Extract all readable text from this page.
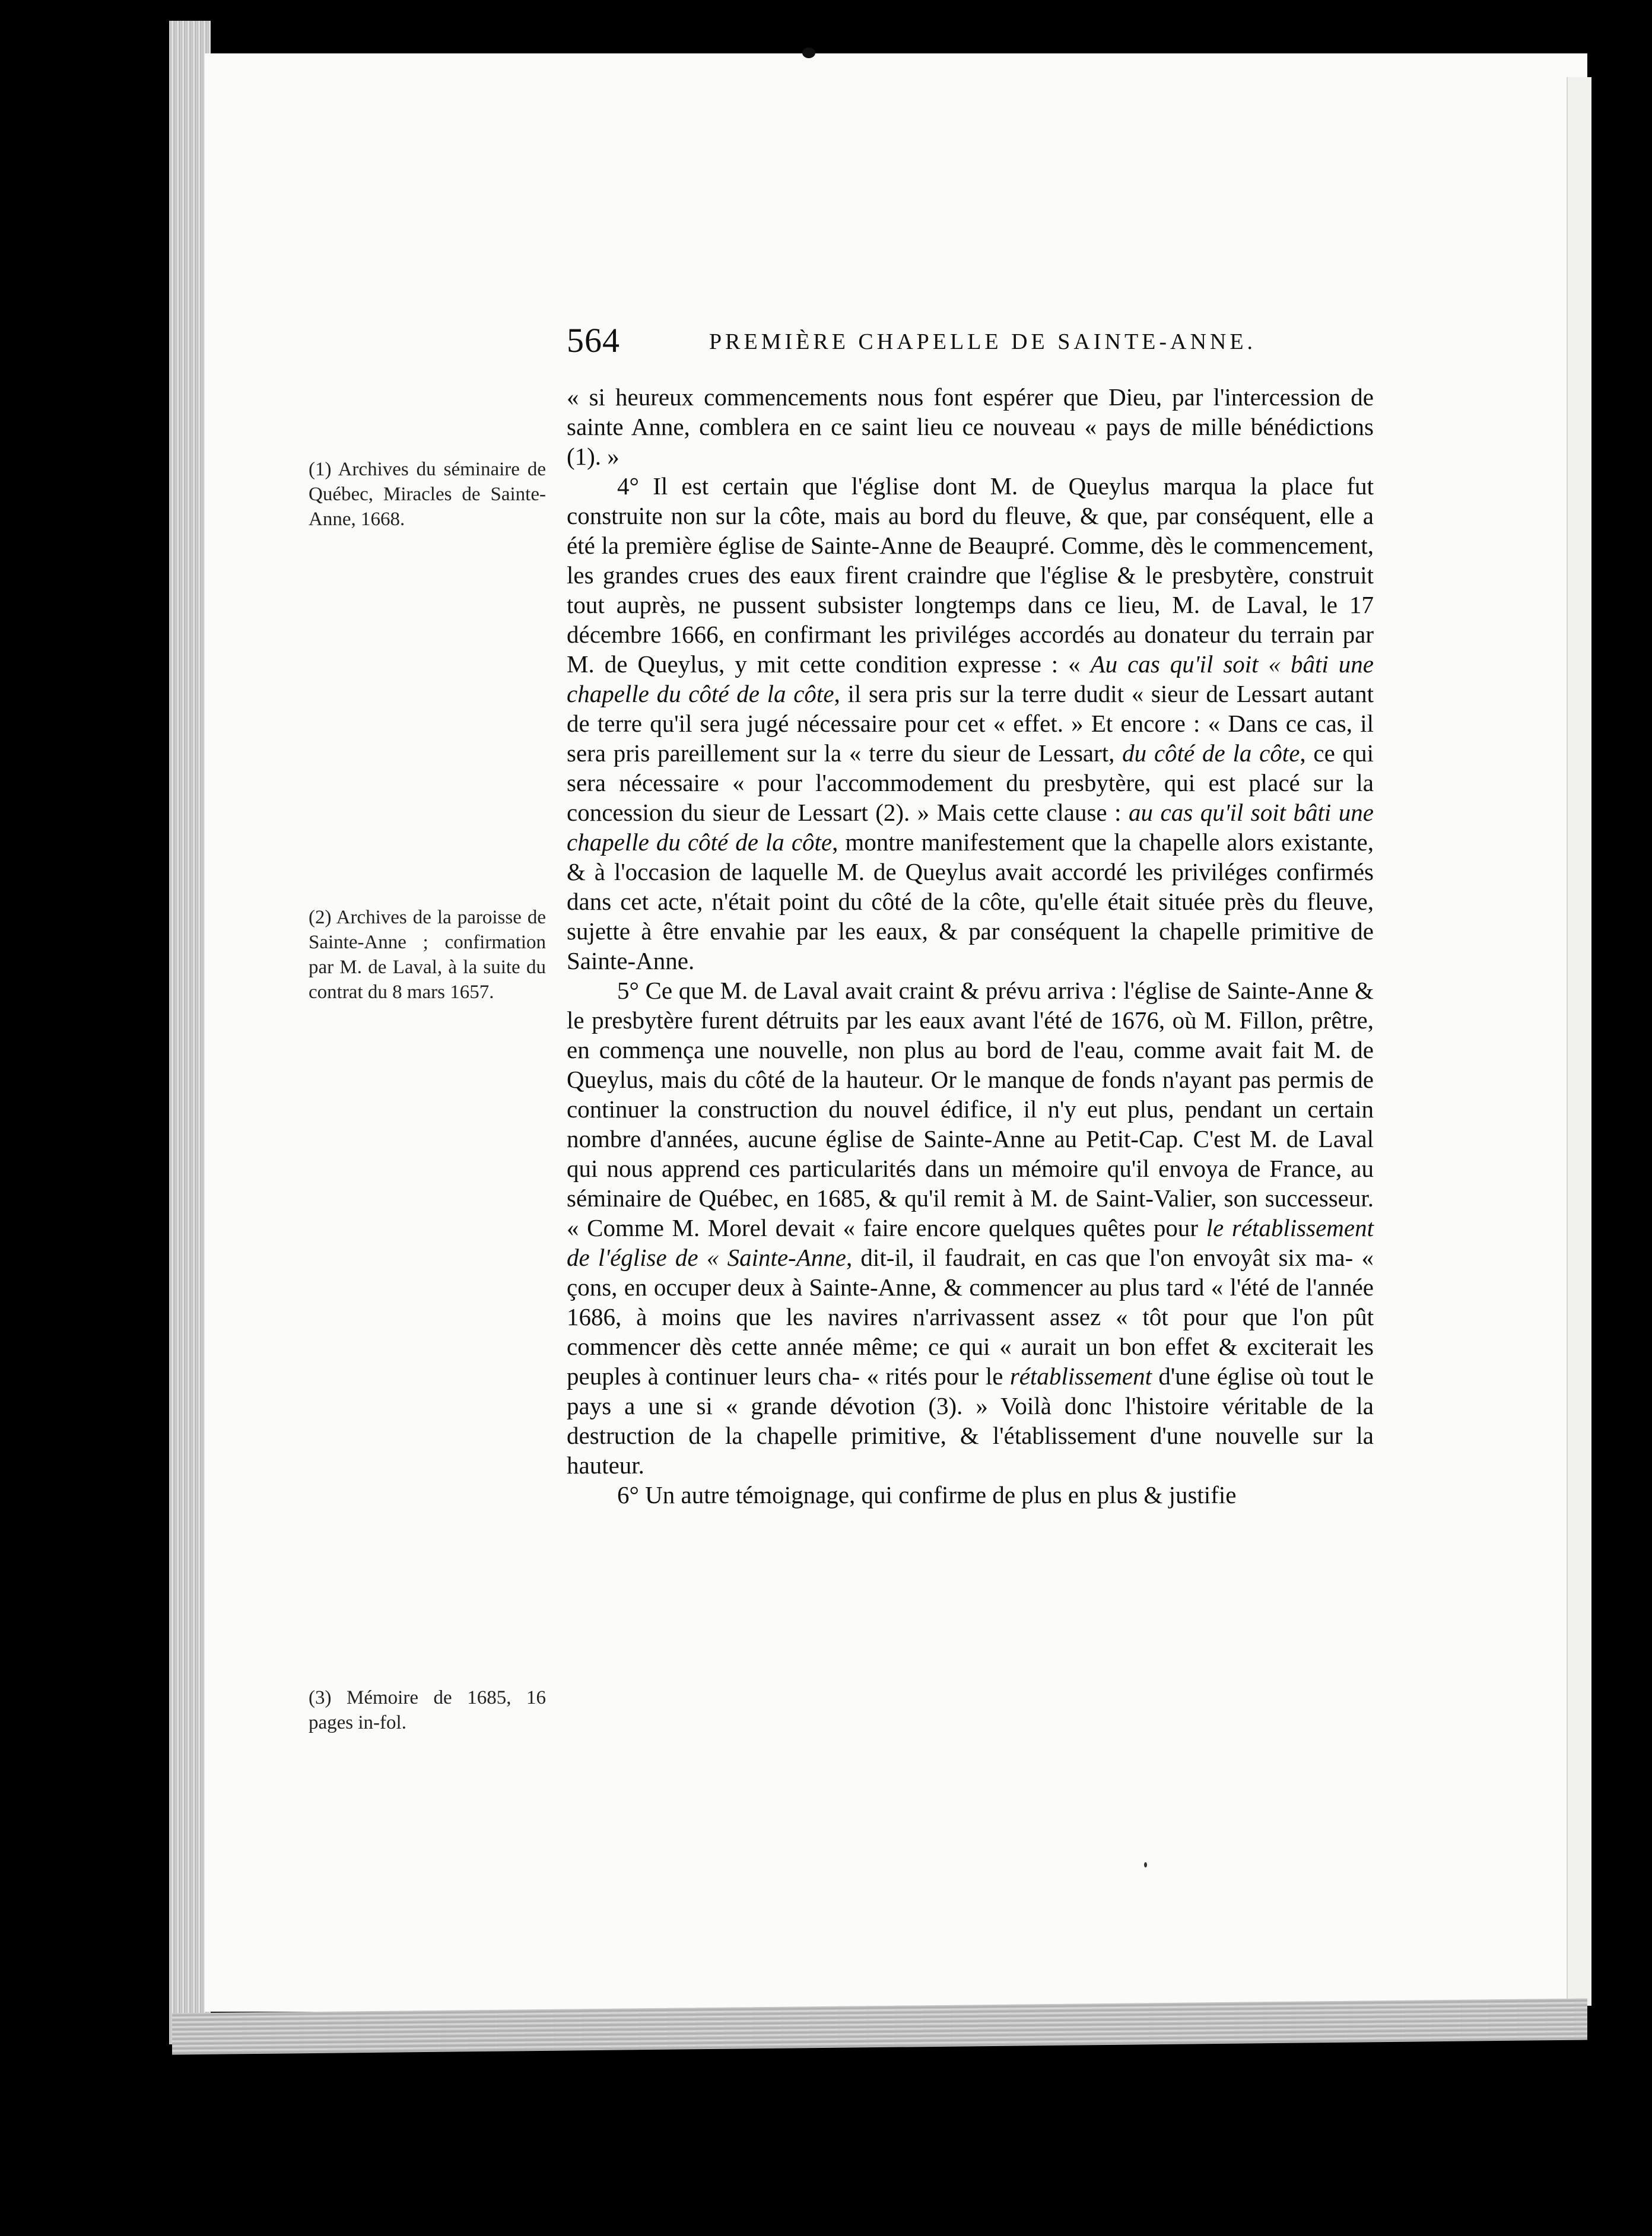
564	PREMIÈRE CHAPELLE DE SAINTE-ANNE.
(1) Archives du séminaire de Québec, Miracles de Sainte-Anne, 1668.
(2) Archives de la paroisse de Sainte-Anne ; confirmation par M. de Laval, à la suite du contrat du 8 mars 1657.
(3) Mémoire de 1685, 16 pages in-fol.

« si heureux commencements nous font espérer que Dieu, par l'intercession de sainte Anne, comblera en ce saint lieu ce nouveau « pays de mille bénédictions (1). »

4° Il est certain que l'église dont M. de Queylus marqua la place fut construite non sur la côte, mais au bord du fleuve, & que, par conséquent, elle a été la première église de Sainte-Anne de Beaupré. Comme, dès le commencement, les grandes crues des eaux firent craindre que l'église & le presbytère, construit tout auprès, ne pussent subsister longtemps dans ce lieu, M. de Laval, le 17 décembre 1666, en confirmant les priviléges accordés au donateur du terrain par M. de Queylus, y mit cette condition expresse : « Au cas qu'il soit « bâti une chapelle du côté de la côte, il sera pris sur la terre dudit « sieur de Lessart autant de terre qu'il sera jugé nécessaire pour cet « effet. » Et encore : « Dans ce cas, il sera pris pareillement sur la « terre du sieur de Lessart, du côté de la côte, ce qui sera nécessaire « pour l'accommodement du presbytère, qui est placé sur la concession du sieur de Lessart (2). » Mais cette clause : au cas qu'il soit bâti une chapelle du côté de la côte, montre manifestement que la chapelle alors existante, & à l'occasion de laquelle M. de Queylus avait accordé les priviléges confirmés dans cet acte, n'était point du côté de la côte, qu'elle était située près du fleuve, sujette à être envahie par les eaux, & par conséquent la chapelle primitive de Sainte-Anne.

5° Ce que M. de Laval avait craint & prévu arriva : l'église de Sainte-Anne & le presbytère furent détruits par les eaux avant l'été de 1676, où M. Fillon, prêtre, en commença une nouvelle, non plus au bord de l'eau, comme avait fait M. de Queylus, mais du côté de la hauteur. Or le manque de fonds n'ayant pas permis de continuer la construction du nouvel édifice, il n'y eut plus, pendant un certain nombre d'années, aucune église de Sainte-Anne au Petit-Cap. C'est M. de Laval qui nous apprend ces particularités dans un mémoire qu'il envoya de France, au séminaire de Québec, en 1685, & qu'il remit à M. de Saint-Valier, son successeur. « Comme M. Morel devait « faire encore quelques quêtes pour le rétablissement de l'église de « Sainte-Anne, dit-il, il faudrait, en cas que l'on envoyât six ma- « çons, en occuper deux à Sainte-Anne, & commencer au plus tard « l'été de l'année 1686, à moins que les navires n'arrivassent assez « tôt pour que l'on pût commencer dès cette année même; ce qui « aurait un bon effet & exciterait les peuples à continuer leurs cha- « rités pour le rétablissement d'une église où tout le pays a une si « grande dévotion (3). » Voilà donc l'histoire véritable de la destruction de la chapelle primitive, & l'établissement d'une nouvelle sur la hauteur.

6° Un autre témoignage, qui confirme de plus en plus & justifie
